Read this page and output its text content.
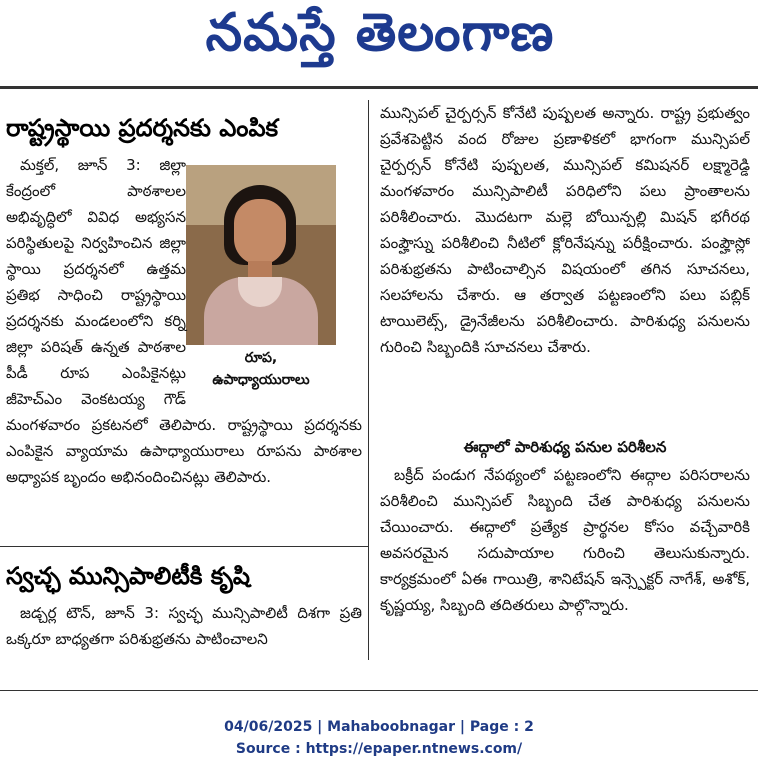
నమస్తే తెలంగాణ
రాష్ట్రస్థాయి ప్రదర్శనకు ఎంపిక
రూప,
ఉపాధ్యాయురాలు

మక్తల్, జూన్ 3: జిల్లా కేంద్రంలో పాఠశాలల అభివృద్ధిలో వివిధ అభ్యసన పరిస్థితులపై నిర్వహించిన జిల్లా స్థాయి ప్రదర్శనలో ఉత్తమ ప్రతిభ సాధించి రాష్ట్రస్థాయి ప్రదర్శనకు మండలంలోని కర్ని జిల్లా పరిషత్ ఉన్నత పాఠశాల పీడీ రూప ఎంపికైనట్లు జీహెచ్ఎం వెంకటయ్య గౌడ్ మంగళవారం ప్రకటనలో తెలిపారు. రాష్ట్రస్థాయి ప్రదర్శనకు ఎంపికైన వ్యాయామ ఉపాధ్యాయురాలు రూపను పాఠశాల అధ్యాపక బృందం అభినందించినట్లు తెలిపారు.

స్వచ్ఛ మున్సిపాలిటీకి కృషి

జడ్చర్ల టౌన్, జూన్ 3: స్వచ్ఛ మున్సిపాలిటీ దిశగా ప్రతి ఒక్కరూ బాధ్యతగా పరిశుభ్రతను పాటించాలని

మున్సిపల్ చైర్పర్సన్ కోనేటి పుష్పలత అన్నారు. రాష్ట్ర ప్రభుత్వం ప్రవేశపెట్టిన వంద రోజుల ప్రణాళికలో భాగంగా మున్సిపల్ చైర్పర్సన్ కోనేటి పుష్పలత, మున్సిపల్ కమిషనర్ లక్ష్మారెడ్డి మంగళవారం మున్సిపాలిటీ పరిధిలోని పలు ప్రాంతాలను పరిశీలించారు. మొదటగా మల్లె బోయిన్పల్లి మిషన్ భగీరథ పంప్హౌస్ను పరిశీలించి నీటిలో క్లోరినేషన్ను పరీక్షించారు. పంప్హౌస్లో పరిశుభ్రతను పాటించాల్సిన విషయంలో తగిన సూచనలు, సలహాలను చేశారు. ఆ తర్వాత పట్టణంలోని పలు పబ్లిక్ టాయిలెట్స్, డ్రైనేజీలను పరిశీలించారు. పారిశుధ్య పనులను గురించి సిబ్బందికి సూచనలు చేశారు.

ఈద్గాలో పారిశుధ్య పనుల పరిశీలన

బక్రీద్ పండుగ నేపథ్యంలో పట్టణంలోని ఈద్గాల పరిసరాలను పరిశీలించి మున్సిపల్ సిబ్బంది చేత పారిశుధ్య పనులను చేయించారు. ఈద్గాలో ప్రత్యేక ప్రార్థనల కోసం వచ్చేవారికి అవసరమైన సదుపాయాల గురించి తెలుసుకున్నారు. కార్యక్రమంలో ఏఈ గాయిత్రి, శానిటేషన్ ఇన్స్పెక్టర్ నాగేశ్, అశోక్, కృష్ణయ్య, సిబ్బంది తదితరులు పాల్గొన్నారు.

04/06/2025 | Mahaboobnagar | Page : 2
Source : https://epaper.ntnews.com/
